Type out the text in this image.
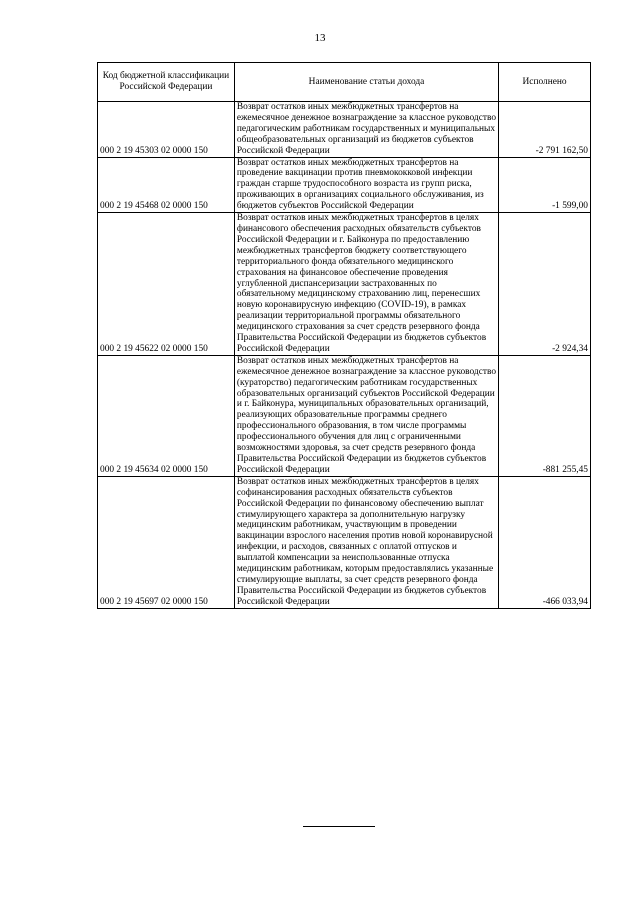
13
Код бюджетной классификации Российской Федерации	Наименование статьи дохода	Исполнено
000 2 19 45303 02 0000 150	Возврат остатков иных межбюджетных трансфертов на ежемесячное денежное вознаграждение за классное руководство педагогическим работникам государственных и муниципальных общеобразовательных организаций из бюджетов субъектов Российской Федерации	-2 791 162,50
000 2 19 45468 02 0000 150	Возврат остатков иных межбюджетных трансфертов на проведение вакцинации против пневмококковой инфекции граждан старше трудоспособного возраста из групп риска, проживающих в организациях социального обслуживания, из бюджетов субъектов Российской Федерации	-1 599,00
000 2 19 45622 02 0000 150	Возврат остатков иных межбюджетных трансфертов в целях финансового обеспечения расходных обязательств субъектов Российской Федерации и г. Байконура по предоставлению межбюджетных трансфертов бюджету соответствующего территориального фонда обязательного медицинского страхования на финансовое обеспечение проведения углубленной диспансеризации застрахованных по обязательному медицинскому страхованию лиц, перенесших новую коронавирусную инфекцию (COVID-19), в рамках реализации территориальной программы обязательного медицинского страхования за счет средств резервного фонда Правительства Российской Федерации из бюджетов субъектов Российской Федерации	-2 924,34
000 2 19 45634 02 0000 150	Возврат остатков иных межбюджетных трансфертов на ежемесячное денежное вознаграждение за классное руководство (кураторство) педагогическим работникам государственных образовательных организаций субъектов Российской Федерации и г. Байконура, муниципальных образовательных организаций, реализующих образовательные программы среднего профессионального образования, в том числе программы профессионального обучения для лиц с ограниченными возможностями здоровья, за счет средств резервного фонда Правительства Российской Федерации из бюджетов субъектов Российской Федерации	-881 255,45
000 2 19 45697 02 0000 150	Возврат остатков иных межбюджетных трансфертов в целях софинансирования расходных обязательств субъектов Российской Федерации по финансовому обеспечению выплат стимулирующего характера за дополнительную нагрузку медицинским работникам, участвующим в проведении вакцинации взрослого населения против новой коронавирусной инфекции, и расходов, связанных с оплатой отпусков и выплатой компенсации за неиспользованные отпуска медицинским работникам, которым предоставлялись указанные стимулирующие выплаты, за счет средств резервного фонда Правительства Российской Федерации из бюджетов субъектов Российской Федерации	-466 033,94
